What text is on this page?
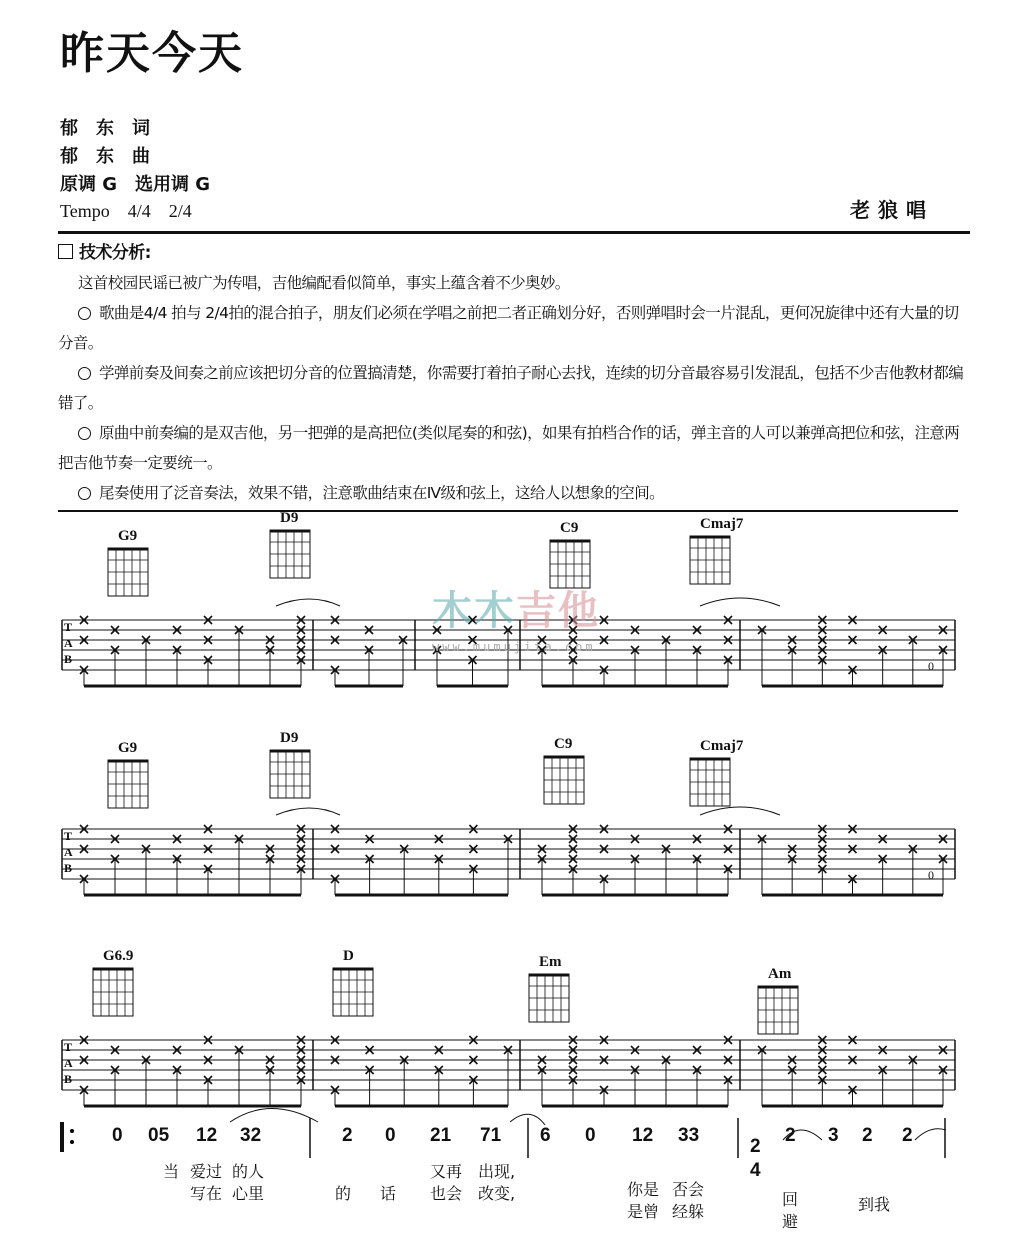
昨天今天
郁 东 词
郁 东 曲
原调 G　选用调 G
Tempo　4/4　2/4	老狼唱
技术分析:

这首校园民谣已被广为传唱，吉他编配看似简单，事实上蕴含着不少奥妙。

歌曲是4/4 拍与 2/4拍的混合拍子，朋友们必须在学唱之前把二者正确划分好，否则弹唱时会一片混乱，更何况旋律中还有大量的切分音。

学弹前奏及间奏之前应该把切分音的位置搞清楚，你需要打着拍子耐心去找，连续的切分音最容易引发混乱，包括不少吉他教材都编错了。

原曲中前奏编的是双吉他，另一把弹的是高把位(类似尾奏的和弦)，如果有拍档合作的话，弹主音的人可以兼弹高把位和弦，注意两把吉他节奏一定要统一。

尾奏使用了泛音奏法，效果不错，注意歌曲结束在Ⅳ级和弦上，这给人以想象的空间。

T
A
B
G9
D9
C9	Cmaj7
0
T
A
B
G9
D9	C9	Cmaj7
0
T
A
B
G6.9	D	Em
Am
木木吉他
www.mumujita.com
0 05 12 32	2 0 21 71 6 0 12 33	2 3 2 2
2
4
当 爱过 的人	又再 出现,
你是 否会
回	到我
写在 心里	的 话 也会 改变,
是曾 经躲
避
